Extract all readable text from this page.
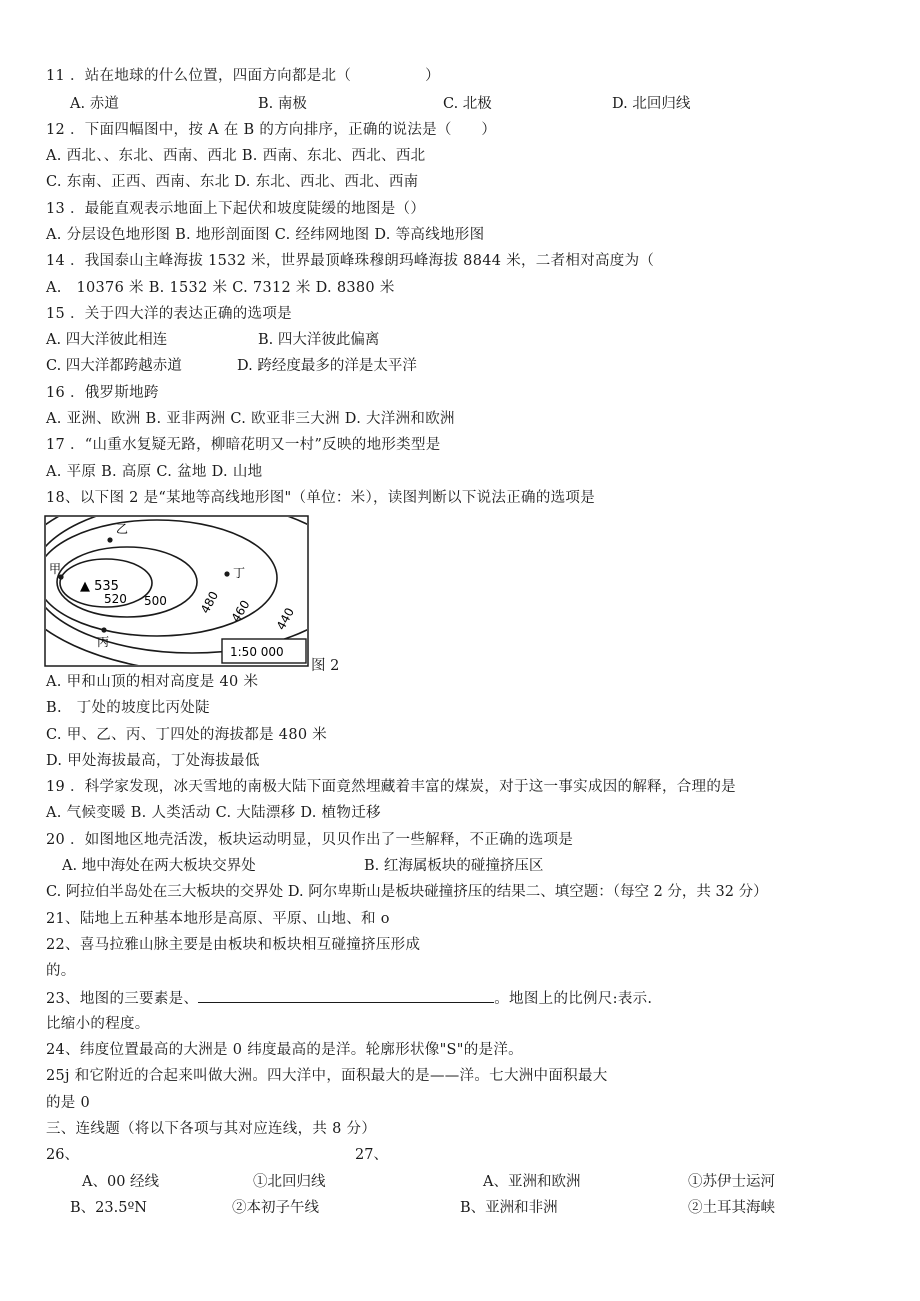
11 ．站在地球的什么位置，四面方向都是北（　　　　　）
A. 赤道	B. 南极	C. 北极	D. 北回归线
12 ．下面四幅图中，按 A 在 B 的方向排序，正确的说法是（　　）
A. 西北、、东北、西南、西北 B. 西南、东北、西北、西北
C. 东南、正西、西南、东北 D. 东北、西北、西北、西南
13 ．最能直观表示地面上下起伏和坡度陡缓的地图是（）
A. 分层设色地形图 B. 地形剖面图 C. 经纬网地图 D. 等高线地形图
14 ．我国泰山主峰海拔 1532 米，世界最顶峰珠穆朗玛峰海拔 8844 米，二者相对高度为（
A.　10376 米 B. 1532 米 C. 7312 米 D. 8380 米
15 ．关于四大洋的表达正确的选项是
A. 四大洋彼此相连	B. 四大洋彼此偏离
C. 四大洋都跨越赤道	D. 跨经度最多的洋是太平洋
16 ．俄罗斯地跨
A. 亚洲、欧洲 B. 亚非两洲 C. 欧亚非三大洲 D. 大洋洲和欧洲
17 ．“山重水复疑无路，柳暗花明又一村”反映的地形类型是
A. 平原 B. 高原 C. 盆地 D. 山地
18、以下图 2 是“某地等高线地形图"（单位：米），读图判断以下说法正确的选项是
1:50 000
▲ 535
520 500	480 460 440
甲
乙
丙
丁
图 2
A. 甲和山顶的相对高度是 40 米
B.　丁处的坡度比丙处陡
C. 甲、乙、丙、丁四处的海拔都是 480 米
D. 甲处海拔最高，丁处海拔最低
19 ．科学家发现，冰天雪地的南极大陆下面竟然埋藏着丰富的煤炭，对于这一事实成因的解释，合理的是
A. 气候变暖 B. 人类活动 C. 大陆漂移 D. 植物迁移
20 ．如图地区地壳活泼，板块运动明显，贝贝作出了一些解释，不正确的选项是
A. 地中海处在两大板块交界处	B. 红海属板块的碰撞挤压区
C. 阿拉伯半岛处在三大板块的交界处 D. 阿尔卑斯山是板块碰撞挤压的结果二、填空题：（每空 2 分，共 32 分）
21、陆地上五种基本地形是高原、平原、山地、和 o
22、喜马拉雅山脉主要是由板块和板块相互碰撞挤压形成
的。
23、地图的三要素是、	。地图上的比例尺:表示.
比缩小的程度。
24、纬度位置最高的大洲是 0 纬度最高的是洋。轮廓形状像"S"的是洋。
25j 和它附近的合起来叫做大洲。四大洋中，面积最大的是——洋。七大洲中面积最大
的是 0
三、连线题（将以下各项与其对应连线，共 8 分）
26、	27、
A、00 经线	①北回归线	A、亚洲和欧洲	①苏伊士运河
B、23.5ºN	②本初子午线	B、亚洲和非洲	②土耳其海峡
